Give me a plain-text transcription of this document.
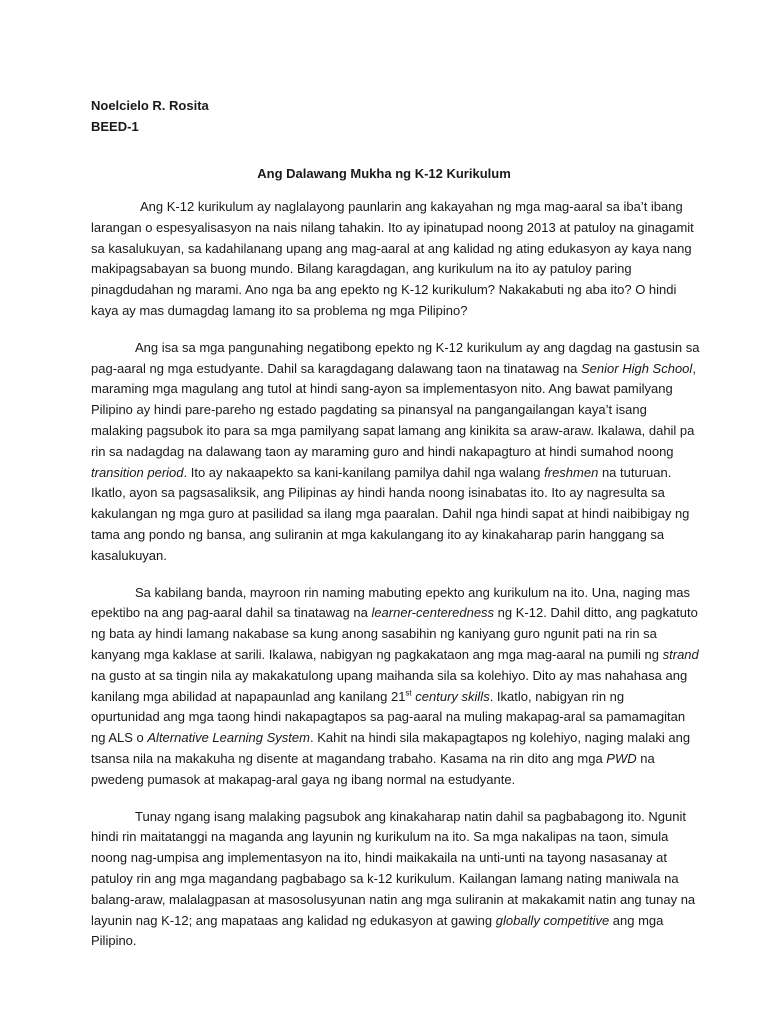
Noelcielo R. Rosita
BEED-1
Ang Dalawang Mukha ng K-12 Kurikulum
Ang K-12 kurikulum ay naglalayong paunlarin ang kakayahan ng mga mag-aaral sa iba’t ibang
larangan o espesyalisasyon na nais nilang tahakin. Ito ay ipinatupad noong 2013 at patuloy na ginagamit
sa kasalukuyan, sa kadahilanang upang ang mag-aaral at ang kalidad ng ating edukasyon ay kaya nang
makipagsabayan sa buong mundo. Bilang karagdagan, ang kurikulum na ito ay patuloy paring
pinagdudahan ng marami. Ano nga ba ang epekto ng K-12 kurikulum? Nakakabuti ng aba ito? O hindi
kaya ay mas dumagdag lamang ito sa problema ng mga Pilipino?
Ang isa sa mga pangunahing negatibong epekto ng K-12 kurikulum ay ang dagdag na gastusin sa
pag-aaral ng mga estudyante. Dahil sa karagdagang dalawang taon na tinatawag na Senior High School,
maraming mga magulang ang tutol at hindi sang-ayon sa implementasyon nito. Ang bawat pamilyang
Pilipino ay hindi pare-pareho ng estado pagdating sa pinansyal na pangangailangan kaya’t isang
malaking pagsubok ito para sa mga pamilyang sapat lamang ang kinikita sa araw-araw. Ikalawa, dahil pa
rin sa nadagdag na dalawang taon ay maraming guro and hindi nakapagturo at hindi sumahod noong
transition period. Ito ay nakaapekto sa kani-kanilang pamilya dahil nga walang freshmen na tuturuan.
Ikatlo, ayon sa pagsasaliksik, ang Pilipinas ay hindi handa noong isinabatas ito. Ito ay nagresulta sa
kakulangan ng mga guro at pasilidad sa ilang mga paaralan. Dahil nga hindi sapat at hindi naibibigay ng
tama ang pondo ng bansa, ang suliranin at mga kakulangang ito ay kinakaharap parin hanggang sa
kasalukuyan.
Sa kabilang banda, mayroon rin naming mabuting epekto ang kurikulum na ito. Una, naging mas
epektibo na ang pag-aaral dahil sa tinatawag na learner-centeredness ng K-12. Dahil ditto, ang pagkatuto
ng bata ay hindi lamang nakabase sa kung anong sasabihin ng kaniyang guro ngunit pati na rin sa
kanyang mga kaklase at sarili. Ikalawa, nabigyan ng pagkakataon ang mga mag-aaral na pumili ng strand
na gusto at sa tingin nila ay makakatulong upang maihanda sila sa kolehiyo. Dito ay mas nahahasa ang
kanilang mga abilidad at napapaunlad ang kanilang 21st century skills. Ikatlo, nabigyan rin ng
opurtunidad ang mga taong hindi nakapagtapos sa pag-aaral na muling makapag-aral sa pamamagitan
ng ALS o Alternative Learning System. Kahit na hindi sila makapagtapos ng kolehiyo, naging malaki ang
tsansa nila na makakuha ng disente at magandang trabaho. Kasama na rin dito ang mga PWD na
pwedeng pumasok at makapag-aral gaya ng ibang normal na estudyante.
Tunay ngang isang malaking pagsubok ang kinakaharap natin dahil sa pagbabagong ito. Ngunit
hindi rin maitatanggi na maganda ang layunin ng kurikulum na ito. Sa mga nakalipas na taon, simula
noong nag-umpisa ang implementasyon na ito, hindi maikakaila na unti-unti na tayong nasasanay at
patuloy rin ang mga magandang pagbabago sa k-12 kurikulum. Kailangan lamang nating maniwala na
balang-araw, malalagpasan at masosolusyunan natin ang mga suliranin at makakamit natin ang tunay na
layunin nag K-12; ang mapataas ang kalidad ng edukasyon at gawing globally competitive ang mga
Pilipino.
